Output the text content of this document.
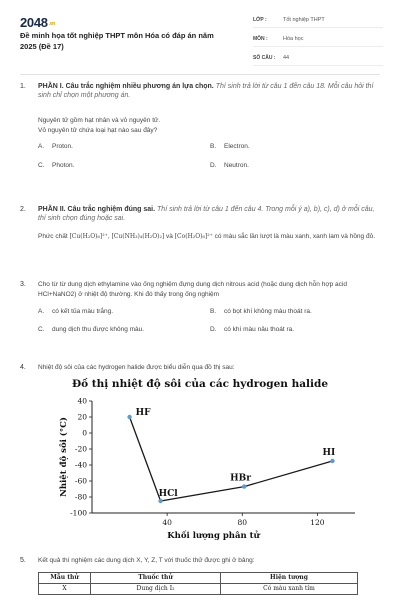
$2048^{.vn}$
Đề minh họa tốt nghiệp THPT môn Hóa có đáp án năm 2025 (Đề 17)
LỚP :	Tốt nghiệp THPT
MÔN :	Hóa học
SỐ CÂU :	44
1.	PHẦN I. Câu trắc nghiệm nhiều phương án lựa chọn. Thí sinh trả lời từ câu 1 đến câu 18. Mỗi câu hỏi thí sinh chỉ chọn một phương án.
Nguyên tử gồm hạt nhân và vỏ nguyên tử.
Vỏ nguyên tử chứa loại hạt nào sau đây?
A.	Proton.	B.	Electron.
C.	Photon.	D.	Neutron.
2.	PHẦN II. Câu trắc nghiệm đúng sai. Thí sinh trả lời từ câu 1 đến câu 4. Trong mỗi ý a), b), c), d) ở mỗi câu, thí sinh chọn đúng hoặc sai.
Phức chất [Cu(H₂O)₆]²⁺, [Cu(NH₃)₄(H₂O)₂] và [Co(H₂O)₆]²⁺ có màu sắc lần lượt là màu xanh, xanh lam và hồng đỏ.
3.	Cho từ từ dung dịch ethylamine vào ống nghiệm đựng dung dịch nitrous acid (hoặc dung dịch hỗn hợp acid HCl+NaNO2) ở nhiệt độ thường. Khi đó thấy trong ống nghiệm
A.	có kết tủa màu trắng.	B.	có bọt khí không màu thoát ra.
C.	dung dịch thu được không màu.	D.	có khí màu nâu thoát ra.
4.	Nhiệt độ sôi của các hydrogen halide được biểu diễn qua đồ thị sau:
Đồ thị nhiệt độ sôi của các hydrogen halide
40
20
0
-20
-40
-60
-80
-100
40	80	120
Khối lượng phân tử
Nhiệt độ sôi (°C)
HF
HCl
HBr
HI
5.	Kết quả thí nghiệm các dung dịch X, Y, Z, T với thuốc thử được ghi ở bảng:
Mẫu thử	Thuốc thử	Hiện tượng
X	Dung dịch I₂	Có màu xanh tím
